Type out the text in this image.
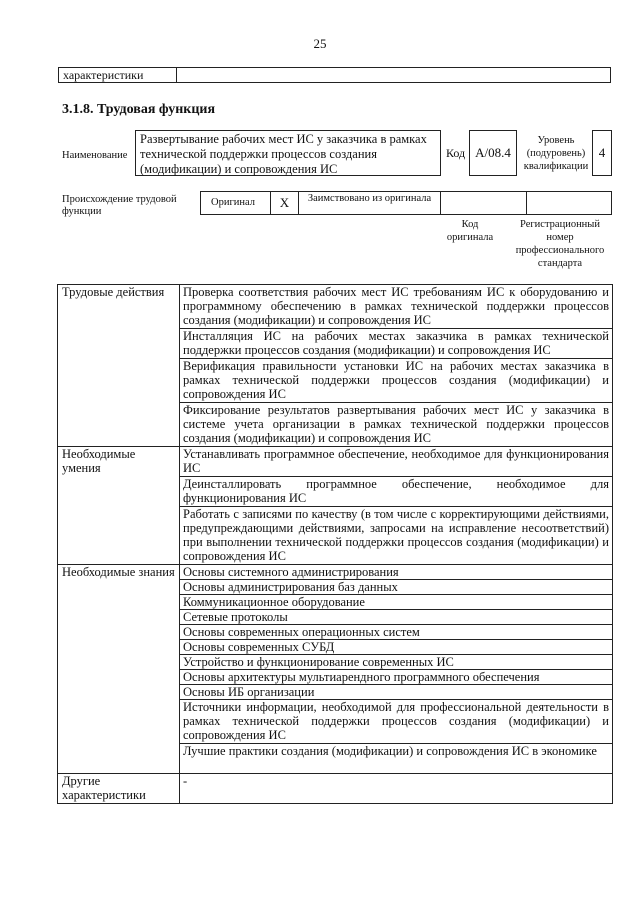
25
характеристики
3.1.8. Трудовая функция
Наименование
Развертывание рабочих мест ИС у заказчика в рамках технической поддержки процессов создания (модификации) и сопровождения ИС
Код A/08.4
Уровень (подуровень) квалификации
4
Происхождение трудовой функции
Оригинал	X	Заимствовано из оригинала
Код оригинала
Регистрационный номер профессионального стандарта
Трудовые действия	Проверка соответствия рабочих мест ИС требованиям ИС к оборудованию и программному обеспечению в рамках технической поддержки процессов создания (модификации) и сопровождения ИС
	Инсталляция ИС на рабочих местах заказчика в рамках технической поддержки процессов создания (модификации) и сопровождения ИС
	Верификация правильности установки ИС на рабочих местах заказчика в рамках технической поддержки процессов создания (модификации) и сопровождения ИС
	Фиксирование результатов развертывания рабочих мест ИС у заказчика в системе учета организации в рамках технической поддержки процессов создания (модификации) и сопровождения ИС
Необходимые умения	Устанавливать программное обеспечение, необходимое для функционирования ИС
	Деинсталлировать программное обеспечение, необходимое для функционирования ИС
	Работать с записями по качеству (в том числе с корректирующими действиями, предупреждающими действиями, запросами на исправление несоответствий) при выполнении технической поддержки процессов создания (модификации) и сопровождения ИС
Необходимые знания	Основы системного администрирования
	Основы администрирования баз данных
	Коммуникационное оборудование
	Сетевые протоколы
	Основы современных операционных систем
	Основы современных СУБД
	Устройство и функционирование современных ИС
	Основы архитектуры мультиарендного программного обеспечения
	Основы ИБ организации
	Источники информации, необходимой для профессиональной деятельности в рамках технической поддержки процессов создания (модификации) и сопровождения ИС
	Лучшие практики создания (модификации) и сопровождения ИС в экономике
Другие характеристики	-
